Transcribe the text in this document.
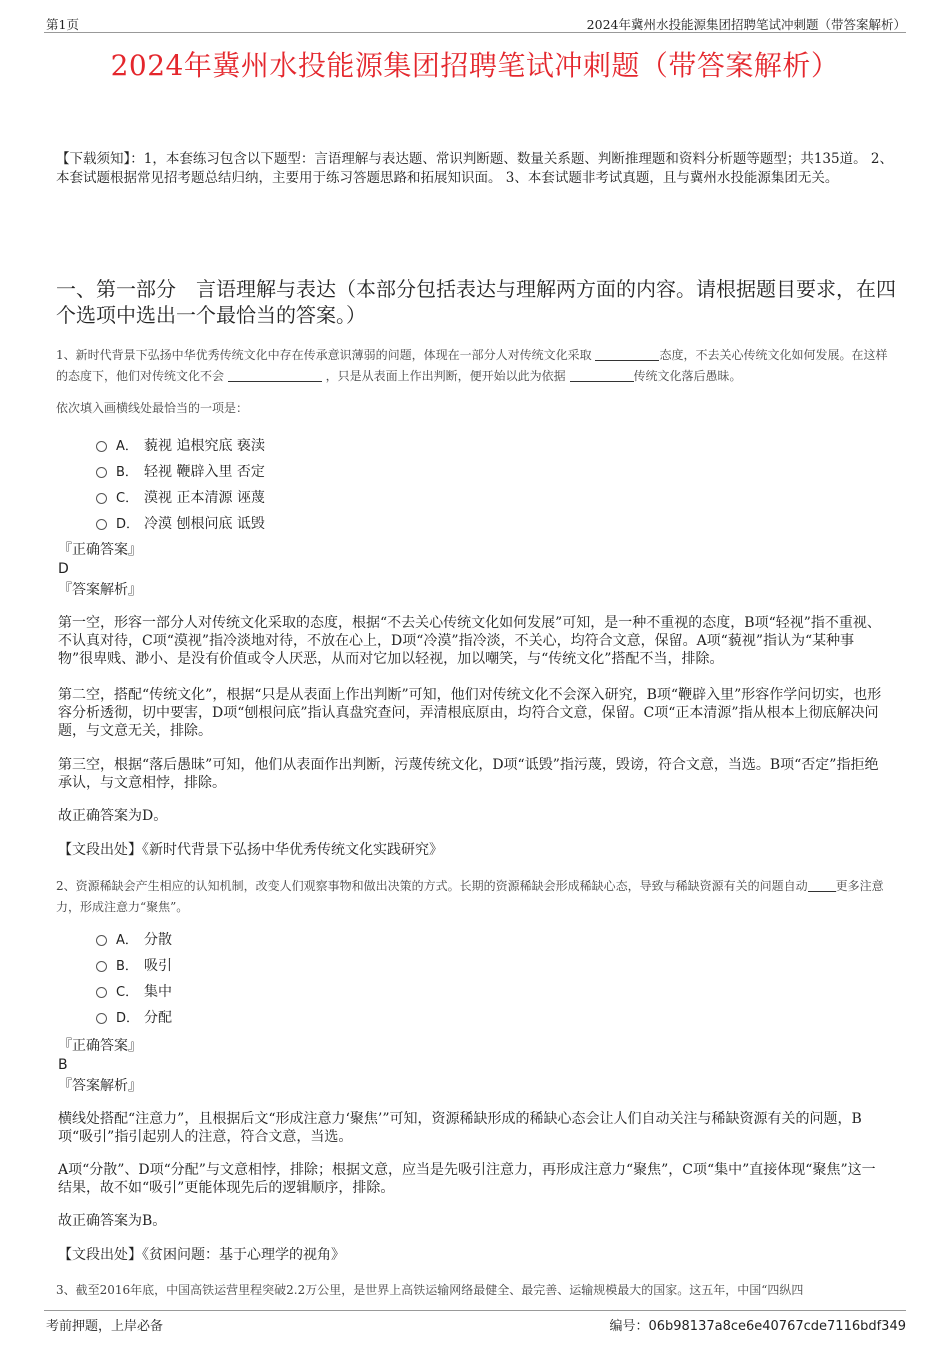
第1页	2024年冀州水投能源集团招聘笔试冲刺题（带答案解析）
2024年冀州水投能源集团招聘笔试冲刺题（带答案解析）

【下载须知】：1，本套练习包含以下题型：言语理解与表达题、常识判断题、数量关系题、判断推理题和资料分析题等题型；共135道。 2、本套试题根据常见招考题总结归纳，主要用于练习答题思路和拓展知识面。 3、本套试题非考试真题，且与冀州水投能源集团无关。

一、第一部分　言语理解与表达（本部分包括表达与理解两方面的内容。请根据题目要求，在四个选项中选出一个最恰当的答案。）

1、新时代背景下弘扬中华优秀传统文化中存在传承意识薄弱的问题，体现在一部分人对传统文化采取	态度，不去关心传统文化如何发展。在这样的态度下，他们对传统文化不会	，只是从表面上作出判断，便开始以此为依据	传统文化落后愚昧。

依次填入画横线处最恰当的一项是：

A． 藐视 追根究底 亵渎
B． 轻视 鞭辟入里 否定
C． 漠视 正本清源 诬蔑
D． 冷漠 刨根问底 诋毁
『正确答案』
D
『答案解析』

第一空，形容一部分人对传统文化采取的态度，根据“不去关心传统文化如何发展”可知，是一种不重视的态度，B项“轻视”指不重视、不认真对待，C项“漠视”指冷淡地对待，不放在心上，D项“冷漠”指冷淡，不关心，均符合文意，保留。A项“藐视”指认为“某种事物”很卑贱、渺小、是没有价值或令人厌恶，从而对它加以轻视，加以嘲笑，与“传统文化”搭配不当，排除。

第二空，搭配“传统文化”，根据“只是从表面上作出判断”可知，他们对传统文化不会深入研究，B项“鞭辟入里”形容作学问切实，也形容分析透彻，切中要害，D项“刨根问底”指认真盘究查问，弄清根底原由，均符合文意，保留。C项“正本清源”指从根本上彻底解决问题，与文意无关，排除。

第三空，根据“落后愚昧”可知，他们从表面作出判断，污蔑传统文化，D项“诋毁”指污蔑，毁谤，符合文意，当选。B项“否定”指拒绝承认，与文意相悖，排除。

故正确答案为D。

【文段出处】《新时代背景下弘扬中华优秀传统文化实践研究》

2、资源稀缺会产生相应的认知机制，改变人们观察事物和做出决策的方式。长期的资源稀缺会形成稀缺心态，导致与稀缺资源有关的问题自动 更多注意力，形成注意力“聚焦”。

A． 分散
B． 吸引
C． 集中
D． 分配
『正确答案』
B
『答案解析』

横线处搭配“注意力”，且根据后文“形成注意力‘聚焦’”可知，资源稀缺形成的稀缺心态会让人们自动关注与稀缺资源有关的问题，B项“吸引”指引起别人的注意，符合文意，当选。

A项“分散”、D项“分配”与文意相悖，排除；根据文意，应当是先吸引注意力，再形成注意力“聚焦”，C项“集中”直接体现“聚焦”这一结果，故不如“吸引”更能体现先后的逻辑顺序，排除。

故正确答案为B。

【文段出处】《贫困问题：基于心理学的视角》

3、截至2016年底，中国高铁运营里程突破2.2万公里，是世界上高铁运输网络最健全、最完善、运输规模最大的国家。这五年，中国“四纵四

考前押题，上岸必备	编号：06b98137a8ce6e40767cde7116bdf349
